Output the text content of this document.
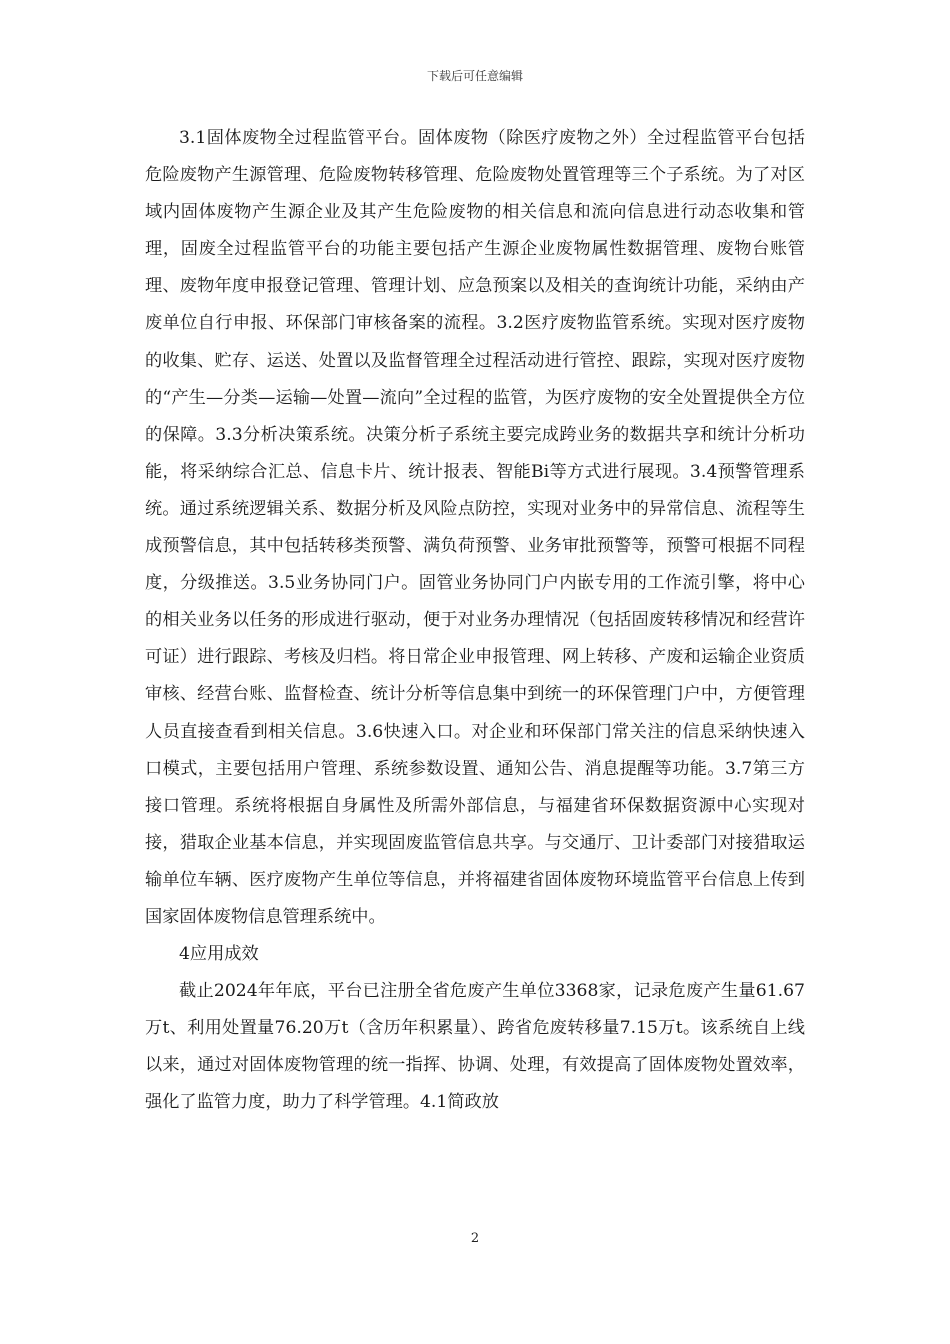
下载后可任意编辑

3.1固体废物全过程监管平台。固体废物（除医疗废物之外）全过程监管平台包括危险废物产生源管理、危险废物转移管理、危险废物处置管理等三个子系统。为了对区域内固体废物产生源企业及其产生危险废物的相关信息和流向信息进行动态收集和管理，固废全过程监管平台的功能主要包括产生源企业废物属性数据管理、废物台账管理、废物年度申报登记管理、管理计划、应急预案以及相关的查询统计功能，采纳由产废单位自行申报、环保部门审核备案的流程。3.2医疗废物监管系统。实现对医疗废物的收集、贮存、运送、处置以及监督管理全过程活动进行管控、跟踪，实现对医疗废物的“产生—分类—运输—处置—流向”全过程的监管，为医疗废物的安全处置提供全方位的保障。3.3分析决策系统。决策分析子系统主要完成跨业务的数据共享和统计分析功能，将采纳综合汇总、信息卡片、统计报表、智能Bi等方式进行展现。3.4预警管理系统。通过系统逻辑关系、数据分析及风险点防控，实现对业务中的异常信息、流程等生成预警信息，其中包括转移类预警、满负荷预警、业务审批预警等，预警可根据不同程度，分级推送。3.5业务协同门户。固管业务协同门户内嵌专用的工作流引擎，将中心的相关业务以任务的形成进行驱动，便于对业务办理情况（包括固废转移情况和经营许可证）进行跟踪、考核及归档。将日常企业申报管理、网上转移、产废和运输企业资质审核、经营台账、监督检查、统计分析等信息集中到统一的环保管理门户中，方便管理人员直接查看到相关信息。3.6快速入口。对企业和环保部门常关注的信息采纳快速入口模式，主要包括用户管理、系统参数设置、通知公告、消息提醒等功能。3.7第三方接口管理。系统将根据自身属性及所需外部信息，与福建省环保数据资源中心实现对接，猎取企业基本信息，并实现固废监管信息共享。与交通厅、卫计委部门对接猎取运输单位车辆、医疗废物产生单位等信息，并将福建省固体废物环境监管平台信息上传到国家固体废物信息管理系统中。

4应用成效

截止2024年年底，平台已注册全省危废产生单位3368家，记录危废产生量61.67万t、利用处置量76.20万t（含历年积累量）、跨省危废转移量7.15万t。该系统自上线以来，通过对固体废物管理的统一指挥、协调、处理，有效提高了固体废物处置效率，强化了监管力度，助力了科学管理。4.1简政放

2
